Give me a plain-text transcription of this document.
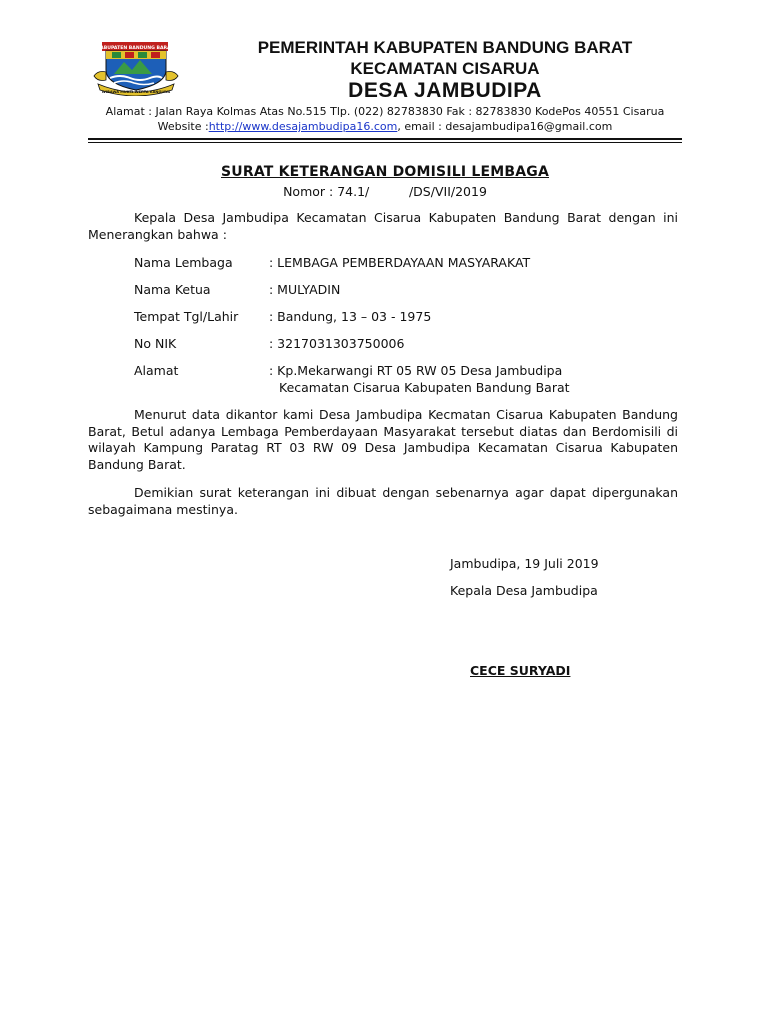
KABUPATEN BANDUNG BARAT
WIBAWA MUKTI WERTA KANGJAYA
PEMERINTAH KABUPATEN BANDUNG BARAT
KECAMATAN CISARUA
DESA JAMBUDIPA
Alamat : Jalan Raya Kolmas Atas No.515 Tlp. (022) 82783830 Fak : 82783830 KodePos 40551 Cisarua
Website :http://www.desajambudipa16.com, email : desajambudipa16@gmail.com
SURAT KETERANGAN DOMISILI LEMBAGA
Nomor : 74.1/          /DS/VII/2019
Kepala Desa Jambudipa Kecamatan Cisarua Kabupaten Bandung Barat dengan ini Menerangkan bahwa :
Nama Lembaga	: LEMBAGA PEMBERDAYAAN MASYARAKAT
Nama Ketua	: MULYADIN
Tempat Tgl/Lahir	: Bandung, 13 – 03 - 1975
No NIK	: 3217031303750006
Alamat	: Kp.Mekarwangi RT 05 RW 05 Desa Jambudipa
Kecamatan Cisarua Kabupaten Bandung Barat
Menurut data dikantor kami Desa Jambudipa Kecmatan Cisarua Kabupaten Bandung Barat, Betul adanya Lembaga Pemberdayaan Masyarakat tersebut diatas dan Berdomisili di wilayah Kampung Paratag RT 03 RW 09 Desa Jambudipa Kecamatan Cisarua Kabupaten Bandung Barat.
Demikian surat keterangan ini dibuat dengan sebenarnya agar dapat dipergunakan sebagaimana mestinya.
Jambudipa, 19 Juli 2019
Kepala Desa Jambudipa
CECE SURYADI
